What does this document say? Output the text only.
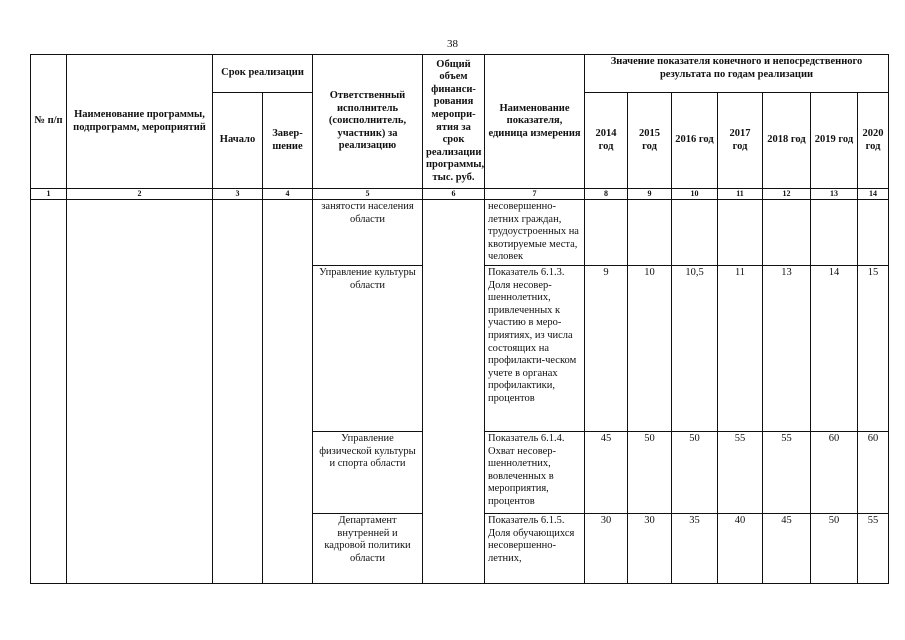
38
№ п/п	Наименование программы, подпрограмм, мероприятий	Срок реализации		Ответственный исполнитель (соисполнитель, участник) за реализацию	Общий объем финанси-рования меропри-ятия за срок реализации программы, тыс. руб.	Наименование показателя, единица измерения	Значение показателя конечного и непосредственного результата по годам реализации						
		Начало	Завер-шение				2014 год	2015 год	2016 год	2017 год	2018 год	2019 год	2020 год
1	2	3	4	5	6	7	8	9	10	11	12	13	14
				занятости населения области		несовершенно-летних граждан, трудоустроенных на квотируемые места, человек							
				Управление культуры области		Показатель 6.1.3. Доля несовер-шеннолетних, привлеченных к участию в меро-приятиях, из числа состоящих на профилакти-ческом учете в органах профилактики, процентов	9	10	10,5	11	13	14	15
				Управление физической культуры и спорта области		Показатель 6.1.4. Охват несовер-шеннолетних, вовлеченных в мероприятия, процентов	45	50	50	55	55	60	60
				Департамент внутренней и кадровой политики области		Показатель 6.1.5. Доля обучающихся несовершенно-летних,	30	30	35	40	45	50	55
